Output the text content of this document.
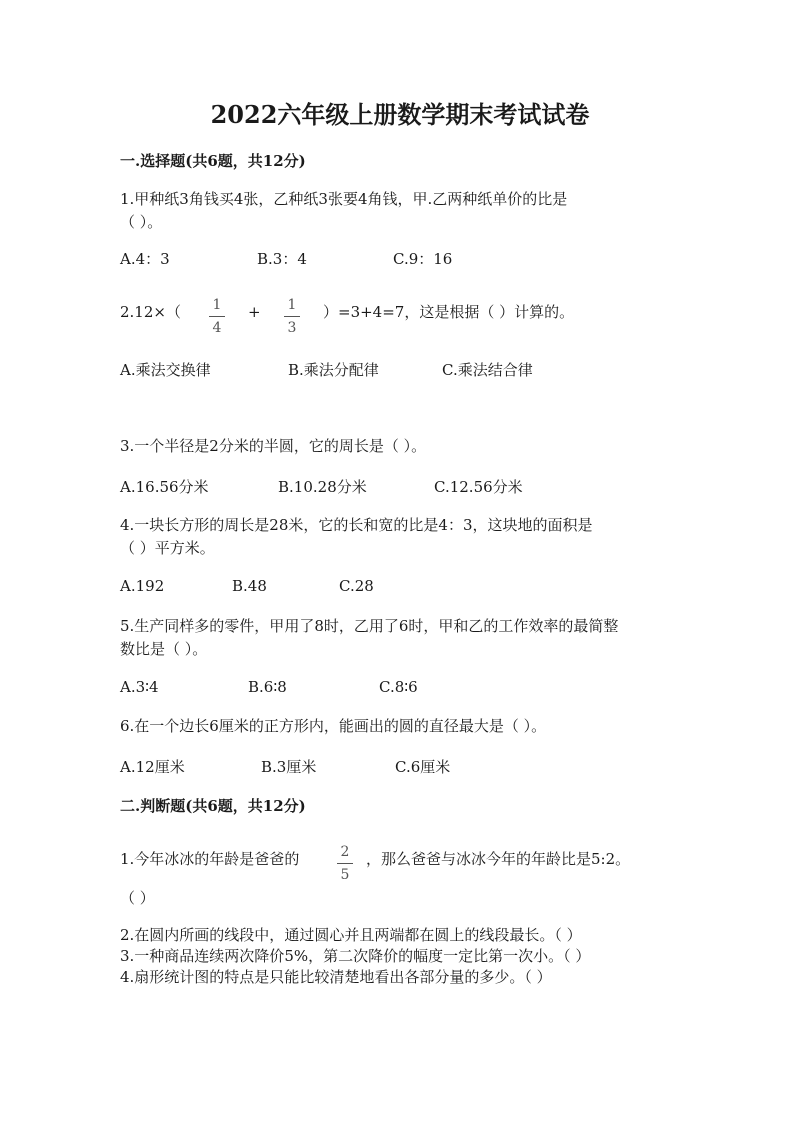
2022六年级上册数学期末考试试卷
一.选择题(共6题，共12分)
1.甲种纸3角钱买4张，乙种纸3张要4角钱，甲.乙两种纸单价的比是
（ ）。
A.4：3	B.3：4	C.9：16
2.12×（	1
4
+	1
3
）=3+4=7，这是根据（ ）计算的。
A.乘法交换律	B.乘法分配律	C.乘法结合律
3.一个半径是2分米的半圆，它的周长是（ ）。
A.16.56分米	B.10.28分米	C.12.56分米
4.一块长方形的周长是28米，它的长和宽的比是4：3，这块地的面积是
（ ）平方米。
A.192	B.48	C.28
5.生产同样多的零件，甲用了8时，乙用了6时，甲和乙的工作效率的最简整
数比是（ ）。
A.3∶4	B.6∶8	C.8∶6
6.在一个边长6厘米的正方形内，能画出的圆的直径最大是（ ）。
A.12厘米	B.3厘米	C.6厘米
二.判断题(共6题，共12分)
1.今年冰冰的年龄是爸爸的	2
5
，那么爸爸与冰冰今年的年龄比是5:2。
（ ）
2.在圆内所画的线段中，通过圆心并且两端都在圆上的线段最长。（ ）
3.一种商品连续两次降价5%，第二次降价的幅度一定比第一次小。（ ）
4.扇形统计图的特点是只能比较清楚地看出各部分量的多少。（ ）
